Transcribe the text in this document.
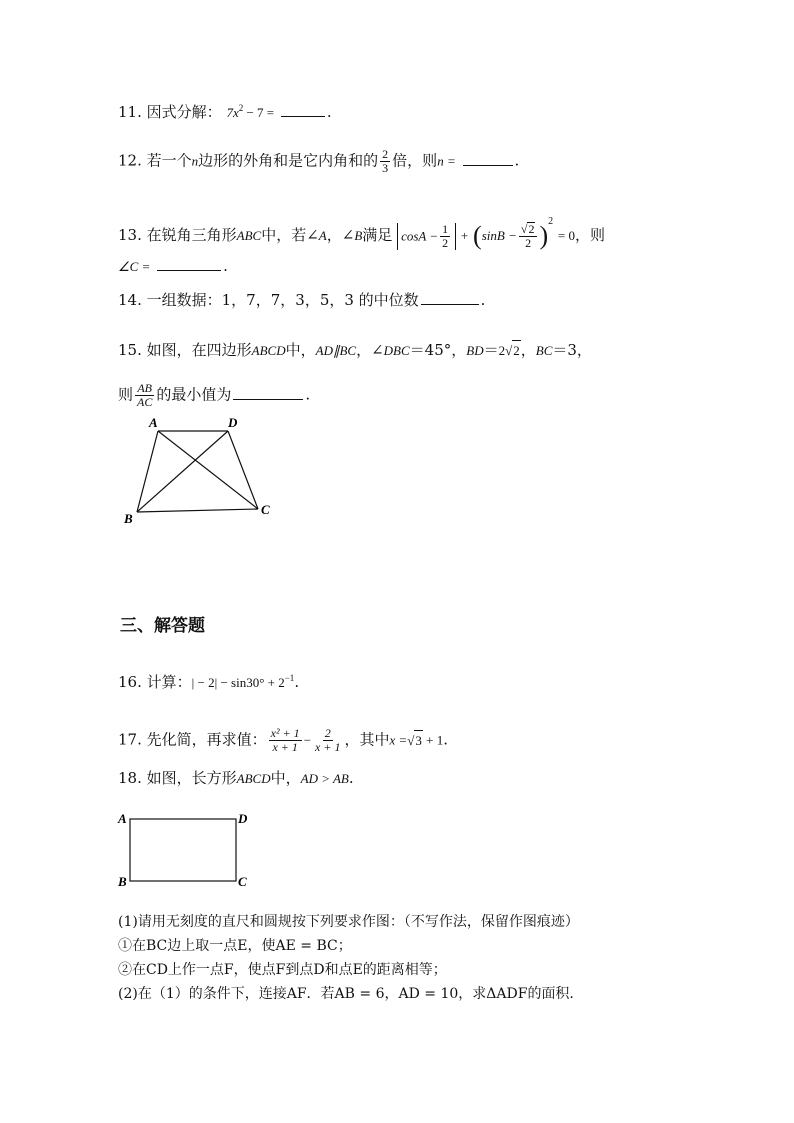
11. 因式分解： $7x^2 - 7$ =	.
12. 若一个n边形的外角和是它内角和的 $\frac{2}{3}$ 倍，则n =	.
13. 在锐角三角形ABC中，若∠A，∠B满足 $\cos A - \frac{1}{2} + (\sin B - \frac{√2}{2} )^2 = 0$，则
∠C =	.
14. 一组数据：1，7，7，3，5，3 的中位数	.
15. 如图，在四边形ABCD中，AD∥BC，∠DBC＝45°，BD＝2√2，BC＝3，
则 $\frac{AB}{AC}$ 的最小值为	.
A	D
B
C
三、解答题
16. 计算：| − $2| - \sin 30^\circ + 2^{-1}$.
17. 先化简，再求值： $\frac{\text{x² + 1}}{x + 1} - \frac{2}{x + 1}$ ，其中x =√3 + 1.
18. 如图，长方形ABCD中，AD > AB.
A	D
B	C
(1)请用无刻度的直尺和圆规按下列要求作图：（不写作法，保留作图痕迹）
①在BC边上取一点E，使AE = BC；
②在CD上作一点F，使点F到点D和点E的距离相等；
(2)在（1）的条件下，连接AF．若AB = 6，AD = 10，求ΔADF的面积.
